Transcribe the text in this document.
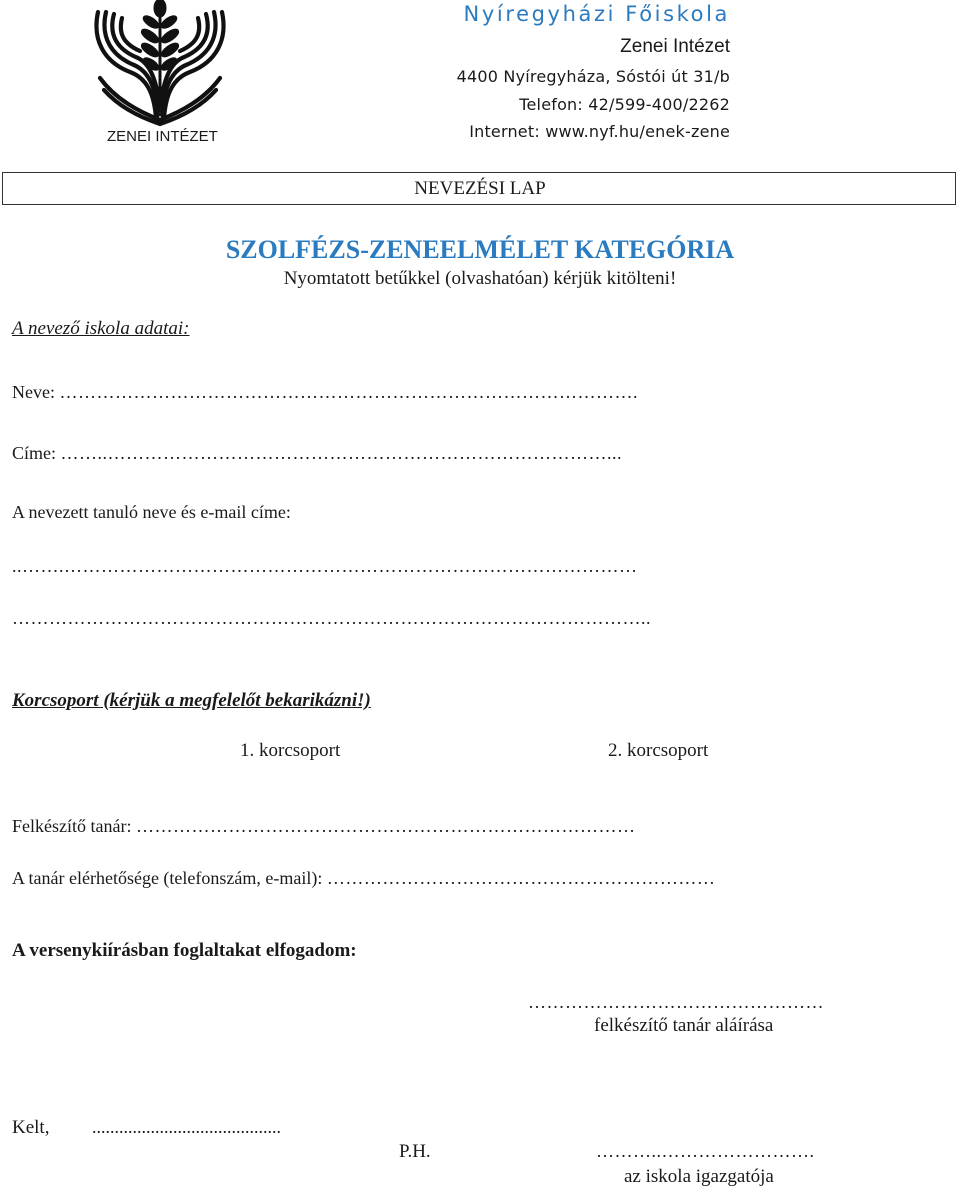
ZENEI INTÉZET
Nyíregyházi Főiskola
Zenei Intézet
4400 Nyíregyháza, Sóstói út 31/b
Telefon: 42/599-400/2262
Internet: www.nyf.hu/enek-zene
NEVEZÉSI LAP
SZOLFÉZS-ZENEELMÉLET KATEGÓRIA
Nyomtatott betűkkel (olvashatóan) kérjük kitölteni!
A nevező iskola adatai:
Neve: ………………………………………………………………………………….
Címe: ……..………………………………………………………………………...
A nevezett tanuló neve és e-mail címe:
..…….…………………………………………………………………………………
…………………………………………………………………………………………..
Korcsoport (kérjük a megfelelőt bekarikázni!)
1. korcsoport	2. korcsoport
Felkészítő tanár: ………………………………………………………………………
A tanár elérhetősége (telefonszám, e-mail): ………………………………………………………
A versenykiírásban foglaltakat elfogadom:
…………………………………………
felkészítő tanár aláírása
Kelt, ..........................................
P.H.	………..…………………….
az iskola igazgatója
